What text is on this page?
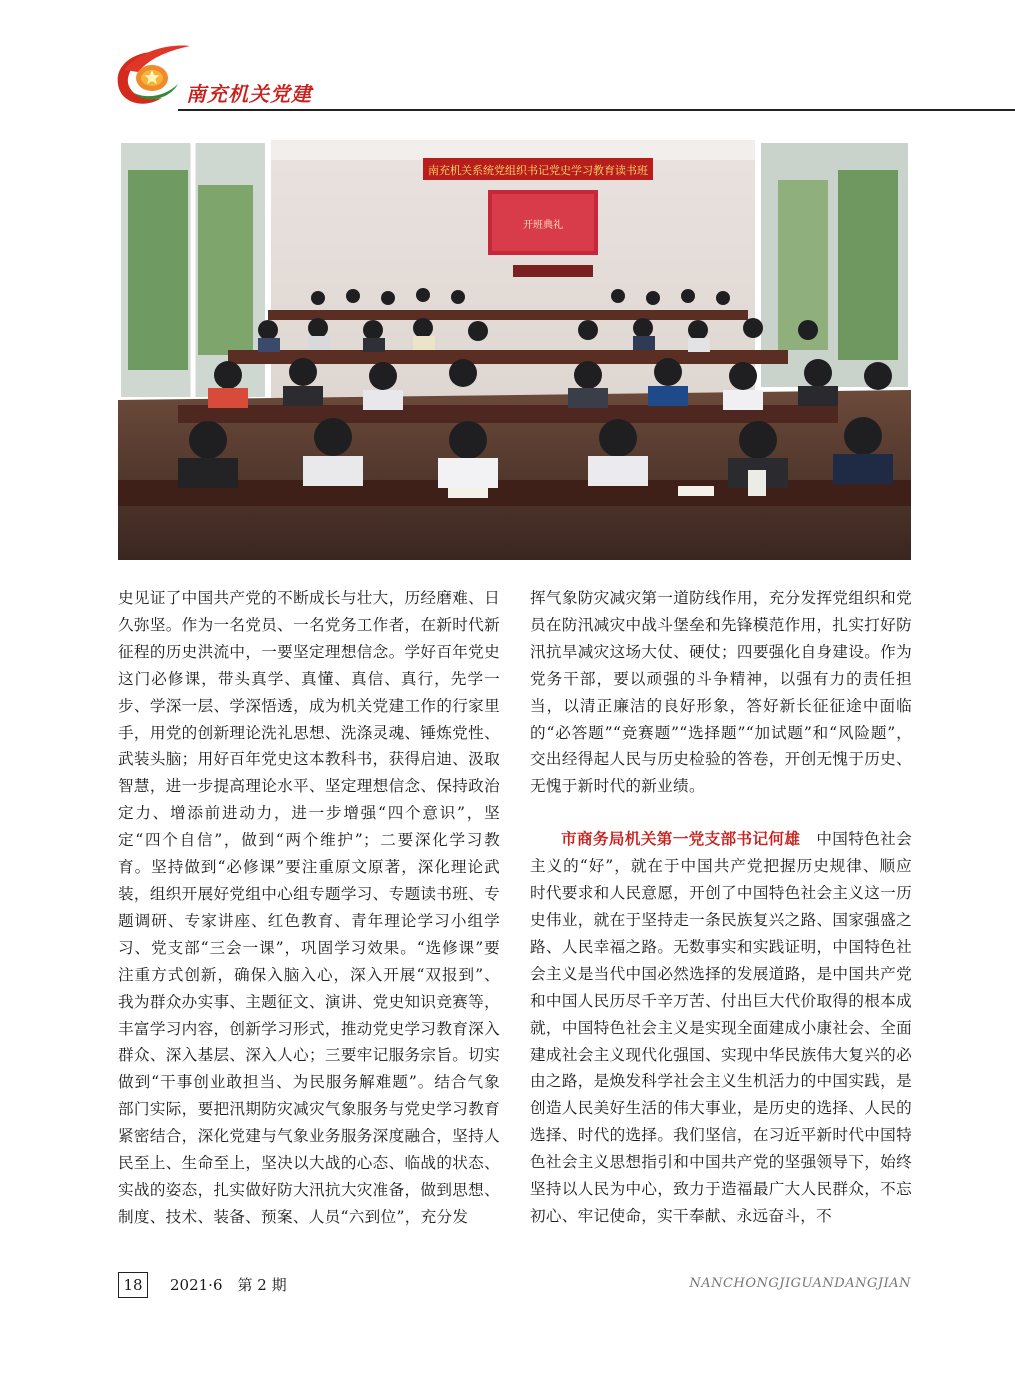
南充机关党建
南充机关系统党组织书记党史学习教育读书班
开班典礼

史见证了中国共产党的不断成长与壮大，历经磨难、日久弥坚。作为一名党员、一名党务工作者，在新时代新征程的历史洪流中，一要坚定理想信念。学好百年党史这门必修课，带头真学、真懂、真信、真行，先学一步、学深一层、学深悟透，成为机关党建工作的行家里手，用党的创新理论洗礼思想、洗涤灵魂、锤炼党性、武装头脑；用好百年党史这本教科书，获得启迪、汲取智慧，进一步提高理论水平、坚定理想信念、保持政治定力、增添前进动力，进一步增强“四个意识”，坚定“四个自信”，做到“两个维护”；二要深化学习教育。坚持做到“必修课”要注重原文原著，深化理论武装，组织开展好党组中心组专题学习、专题读书班、专题调研、专家讲座、红色教育、青年理论学习小组学习、党支部“三会一课”，巩固学习效果。“选修课”要注重方式创新，确保入脑入心，深入开展“双报到”、我为群众办实事、主题征文、演讲、党史知识竞赛等，丰富学习内容，创新学习形式，推动党史学习教育深入群众、深入基层、深入人心；三要牢记服务宗旨。切实做到“干事创业敢担当、为民服务解难题”。结合气象部门实际，要把汛期防灾减灾气象服务与党史学习教育紧密结合，深化党建与气象业务服务深度融合，坚持人民至上、生命至上，坚决以大战的心态、临战的状态、实战的姿态，扎实做好防大汛抗大灾准备，做到思想、制度、技术、装备、预案、人员“六到位”，充分发

挥气象防灾减灾第一道防线作用，充分发挥党组织和党员在防汛减灾中战斗堡垒和先锋模范作用，扎实打好防汛抗旱减灾这场大仗、硬仗；四要强化自身建设。作为党务干部，要以顽强的斗争精神，以强有力的责任担当，以清正廉洁的良好形象，答好新长征征途中面临的“必答题”“竞赛题”“选择题”“加试题”和“风险题”，交出经得起人民与历史检验的答卷，开创无愧于历史、无愧于新时代的新业绩。

市商务局机关第一党支部书记何雄　 中国特色社会主义的“好”，就在于中国共产党把握历史规律、顺应时代要求和人民意愿，开创了中国特色社会主义这一历史伟业，就在于坚持走一条民族复兴之路、国家强盛之路、人民幸福之路。无数事实和实践证明，中国特色社会主义是当代中国必然选择的发展道路，是中国共产党和中国人民历尽千辛万苦、付出巨大代价取得的根本成就，中国特色社会主义是实现全面建成小康社会、全面建成社会主义现代化强国、实现中华民族伟大复兴的必由之路，是焕发科学社会主义生机活力的中国实践，是创造人民美好生活的伟大事业，是历史的选择、人民的选择、时代的选择。我们坚信，在习近平新时代中国特色社会主义思想指引和中国共产党的坚强领导下，始终坚持以人民为中心，致力于造福最广大人民群众，不忘初心、牢记使命，实干奉献、永远奋斗，不

18	2021·6　第 2 期	NANCHONGJIGUANDANGJIAN
